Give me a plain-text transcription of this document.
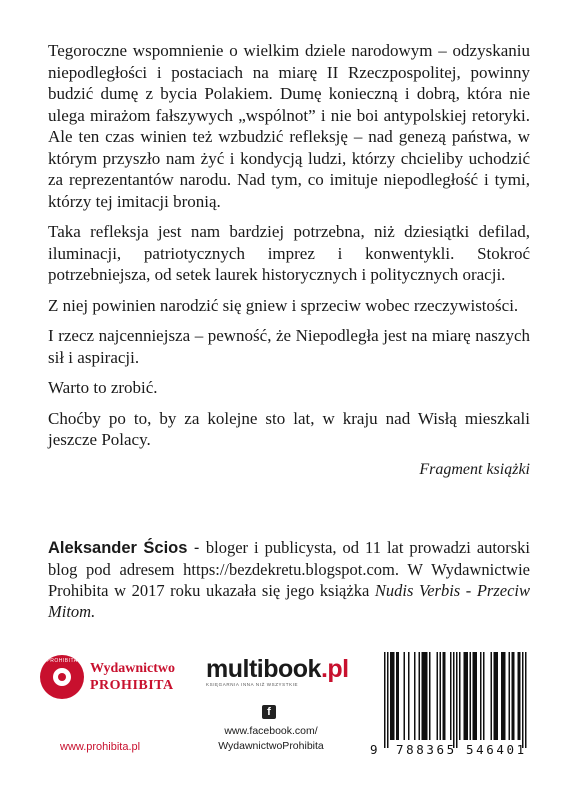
Tegoroczne wspomnienie o wielkim dziele narodowym – odzyskaniu niepodległości i postaciach na miarę II Rzeczpospolitej, powinny budzić dumę z bycia Polakiem. Dumę konieczną i dobrą, która nie ulega mirażom fałszywych „wspólnot” i nie boi antypolskiej retoryki. Ale ten czas winien też wzbudzić refleksję – nad genezą państwa, w którym przyszło nam żyć i kondycją ludzi, którzy chcieliby uchodzić za reprezentantów narodu. Nad tym, co imituje niepodległość i tymi, którzy tej imitacji bronią.

Taka refleksja jest nam bardziej potrzebna, niż dziesiątki defilad, iluminacji, patriotycznych imprez i konwentykli. Stokroć potrzebniejsza, od setek laurek historycznych i politycznych oracji.

Z niej powinien narodzić się gniew i sprzeciw wobec rzeczywistości.

I rzecz najcenniejsza – pewność, że Niepodległa jest na miarę naszych sił i aspiracji.

Warto to zrobić.

Choćby po to, by za kolejne sto lat, w kraju nad Wisłą mieszkali jeszcze Polacy.

Fragment książki

Aleksander Ścios - bloger i publicysta, od 11 lat prowadzi autorski blog pod adresem https://bezdekretu.blogspot.com. W Wydawnictwie Prohibita w 2017 roku ukazała się jego książka Nudis Verbis - Przeciw Mitom.

PROHIBITA Wydawnictwo
PROHIBITA
multibook.pl
KSIĘGARNIA INNA NIŻ WSZYSTKIE
f
www.facebook.com/
WydawnictwoProhibita
www.prohibita.pl	9 788365 546401
